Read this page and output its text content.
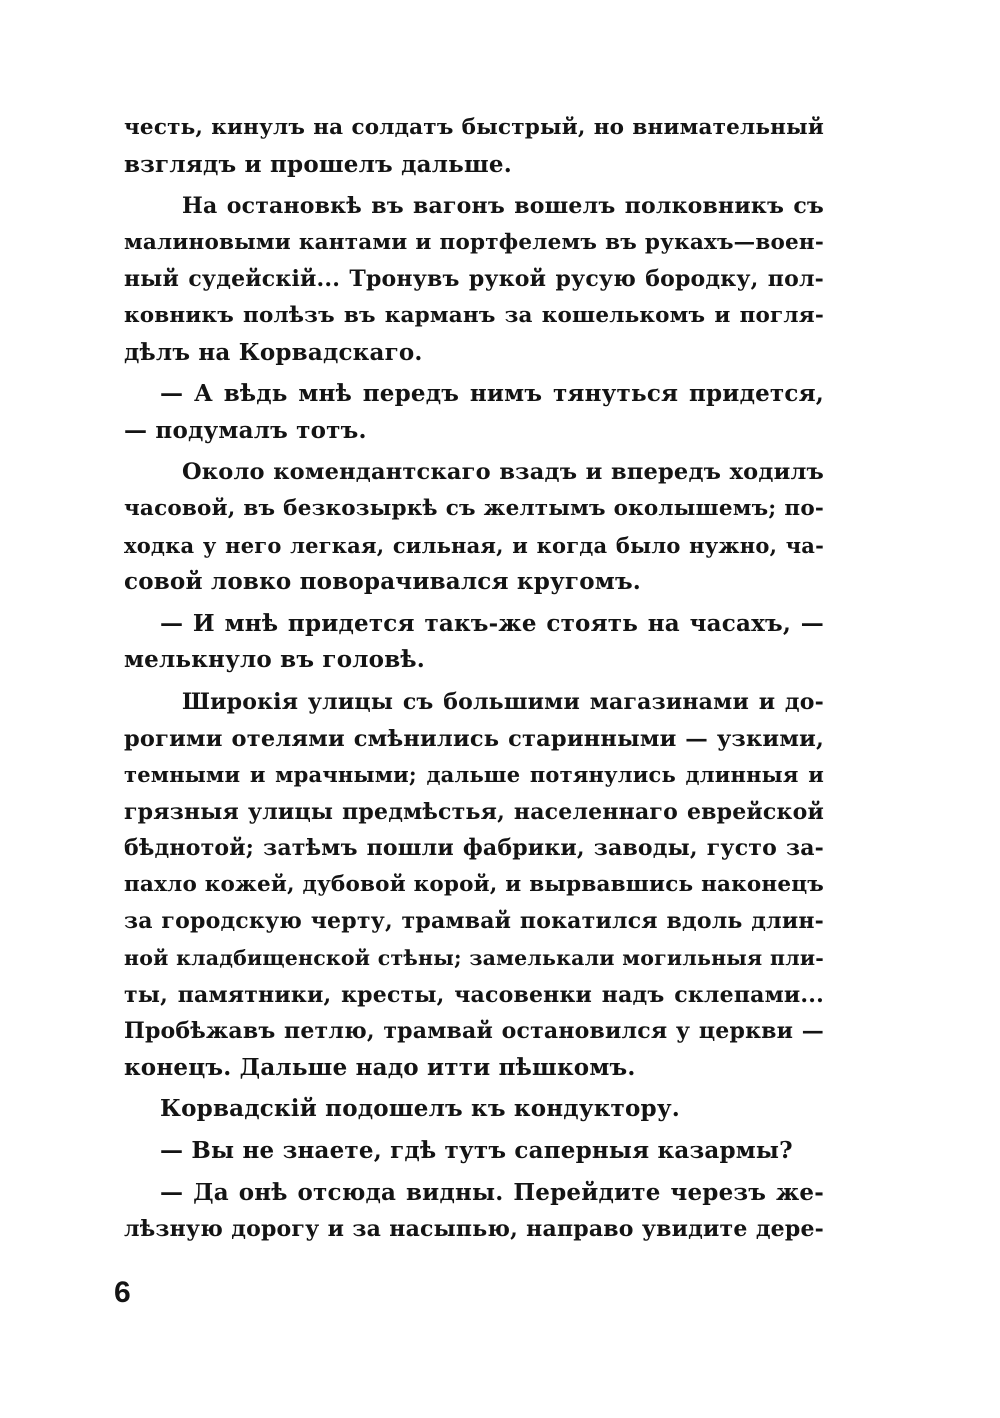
честь, кинулъ на солдатъ быстрый, но внимательный
взглядъ и прошелъ дальше.
На остановкѣ въ вагонъ вошелъ полковникъ съ
малиновыми кантами и портфелемъ въ рукахъ—воен-
ный судейскій... Тронувъ рукой русую бородку, пол-
ковникъ полѣзъ въ карманъ за кошелькомъ и погля-
дѣлъ на Корвадскаго.
— А вѣдь мнѣ передъ нимъ тянуться придется,
— подумалъ тотъ.
Около комендантскаго взадъ и впередъ ходилъ
часовой, въ безкозыркѣ съ желтымъ околышемъ; по-
ходка у него легкая, сильная, и когда было нужно, ча-
совой ловко поворачивался кругомъ.
— И мнѣ придется такъ-же стоять на часахъ, —
мелькнуло въ головѣ.
Широкія улицы съ большими магазинами и до-
рогими отелями смѣнились старинными — узкими,
темными и мрачными; дальше потянулись длинныя и
грязныя улицы предмѣстья, населеннаго еврейской
бѣднотой; затѣмъ пошли фабрики, заводы, густо за-
пахло кожей, дубовой корой, и вырвавшись наконецъ
за городскую черту, трамвай покатился вдоль длин-
ной кладбищенской стѣны; замелькали могильныя пли-
ты, памятники, кресты, часовенки надъ склепами...
Пробѣжавъ петлю, трамвай остановился у церкви —
конецъ. Дальше надо итти пѣшкомъ.
Корвадскій подошелъ къ кондуктору.
— Вы не знаете, гдѣ тутъ саперныя казармы?
— Да онѣ отсюда видны. Перейдите черезъ же-
лѣзную дорогу и за насыпью, направо увидите дере-
6
